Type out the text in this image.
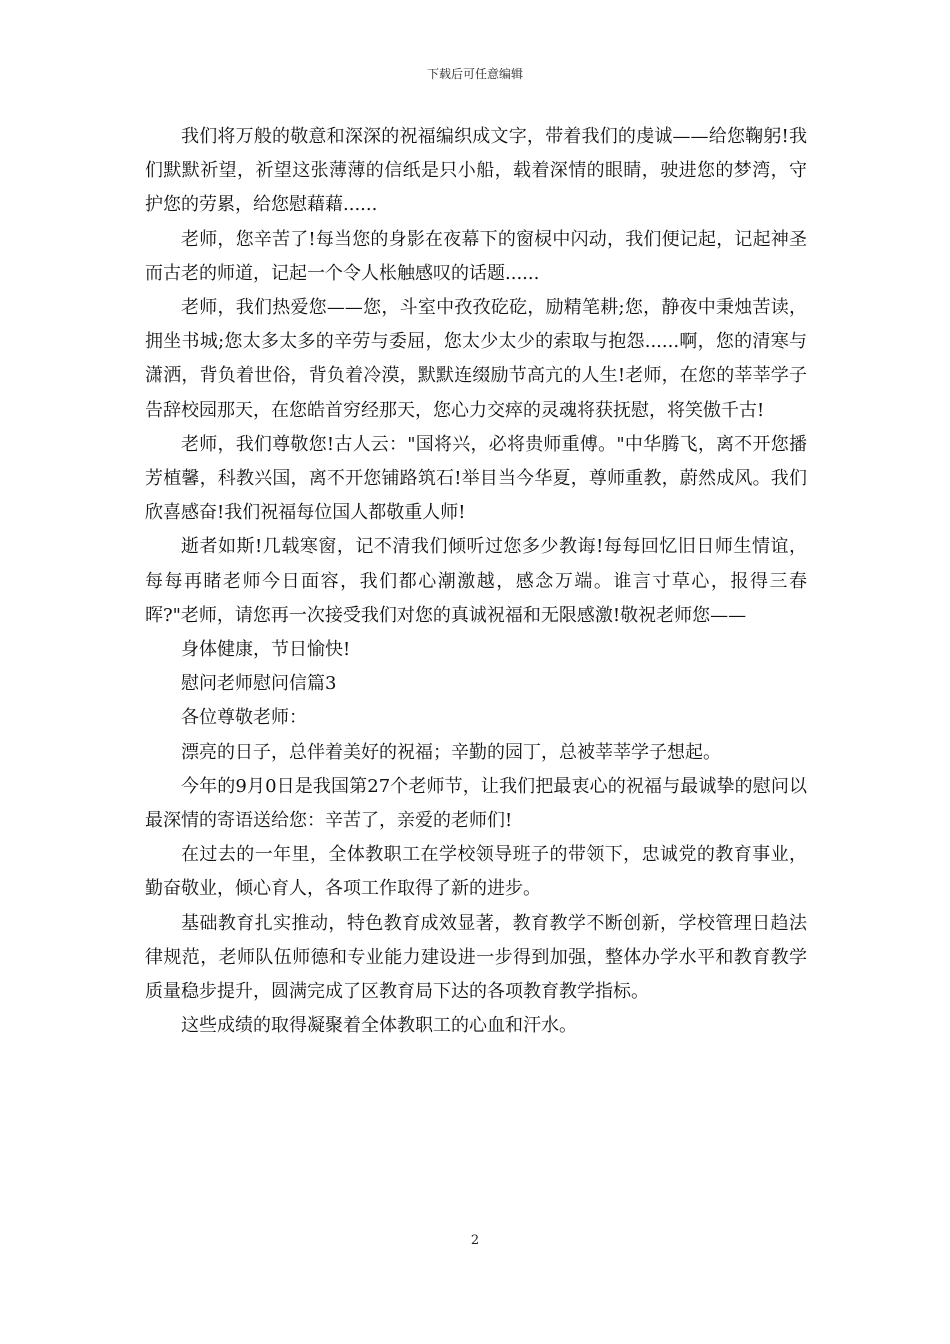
下载后可任意编辑

我们将万般的敬意和深深的祝福编织成文字，带着我们的虔诚——给您鞠躬!我们默默祈望，祈望这张薄薄的信纸是只小船，载着深情的眼睛，驶进您的梦湾，守护您的劳累，给您慰藉藉......

老师，您辛苦了!每当您的身影在夜幕下的窗棂中闪动，我们便记起，记起神圣而古老的师道，记起一个令人枨触感叹的话题......

老师，我们热爱您——您，斗室中孜孜矻矻，励精笔耕;您，静夜中秉烛苦读，拥坐书城;您太多太多的辛劳与委屈，您太少太少的索取与抱怨......啊，您的清寒与潇洒，背负着世俗，背负着冷漠，默默连缀励节高亢的人生!老师，在您的莘莘学子告辞校园那天，在您皓首穷经那天，您心力交瘁的灵魂将获抚慰，将笑傲千古!

老师，我们尊敬您!古人云："国将兴，必将贵师重傅。"中华腾飞，离不开您播芳植馨，科教兴国，离不开您铺路筑石!举目当今华夏，尊师重教，蔚然成风。我们欣喜感奋!我们祝福每位国人都敬重人师!

逝者如斯!几载寒窗，记不清我们倾听过您多少教诲!每每回忆旧日师生情谊，每每再睹老师今日面容，我们都心潮激越，感念万端。谁言寸草心，报得三春晖?"老师，请您再一次接受我们对您的真诚祝福和无限感激!敬祝老师您——

身体健康，节日愉快!

慰问老师慰问信篇3

各位尊敬老师：

漂亮的日子，总伴着美好的祝福；辛勤的园丁，总被莘莘学子想起。

今年的9月0日是我国第27个老师节，让我们把最衷心的祝福与最诚挚的慰问以最深情的寄语送给您：辛苦了，亲爱的老师们!

在过去的一年里，全体教职工在学校领导班子的带领下，忠诚党的教育事业，勤奋敬业，倾心育人，各项工作取得了新的进步。

基础教育扎实推动，特色教育成效显著，教育教学不断创新，学校管理日趋法律规范，老师队伍师德和专业能力建设进一步得到加强，整体办学水平和教育教学质量稳步提升，圆满完成了区教育局下达的各项教育教学指标。

这些成绩的取得凝聚着全体教职工的心血和汗水。

2
